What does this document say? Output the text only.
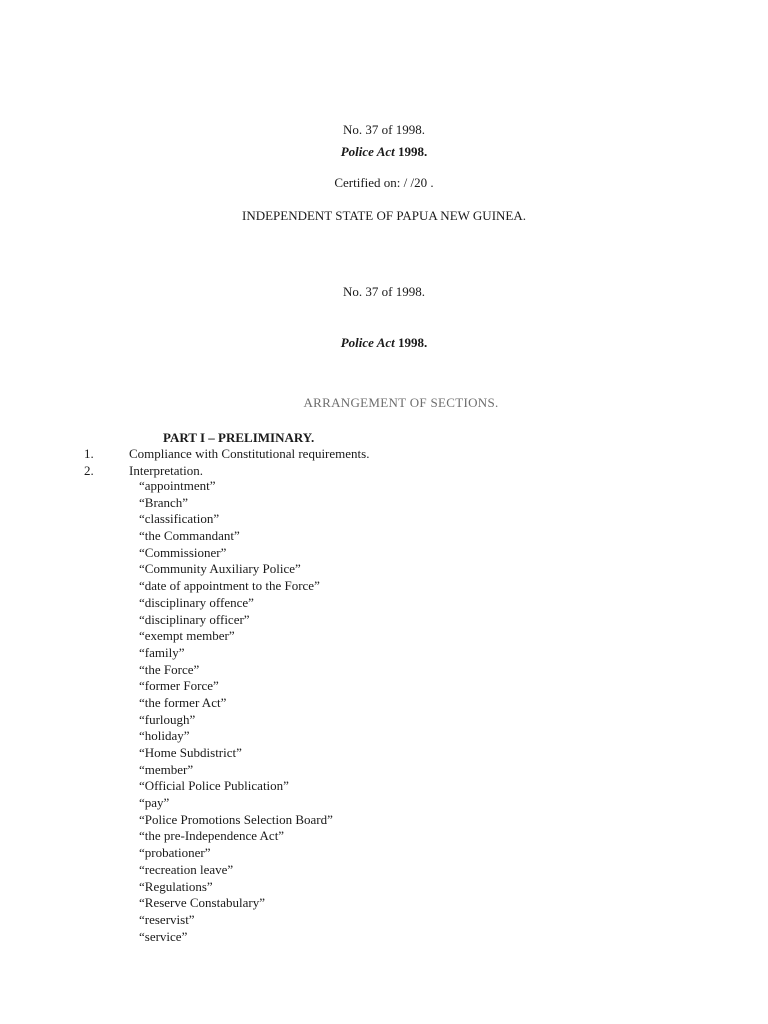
No. 37 of 1998.
Police Act 1998.
Certified on: / /20 .
INDEPENDENT STATE OF PAPUA NEW GUINEA.
No. 37 of 1998.
Police Act 1998.
ARRANGEMENT OF SECTIONS.
PART I – PRELIMINARY.
1.	Compliance with Constitutional requirements.
2.	Interpretation.
“appointment”
“Branch”
“classification”
“the Commandant”
“Commissioner”
“Community Auxiliary Police”
“date of appointment to the Force”
“disciplinary offence”
“disciplinary officer”
“exempt member”
“family”
“the Force”
“former Force”
“the former Act”
“furlough”
“holiday”
“Home Subdistrict”
“member”
“Official Police Publication”
“pay”
“Police Promotions Selection Board”
“the pre-Independence Act”
“probationer”
“recreation leave”
“Regulations”
“Reserve Constabulary”
“reservist”
“service”
